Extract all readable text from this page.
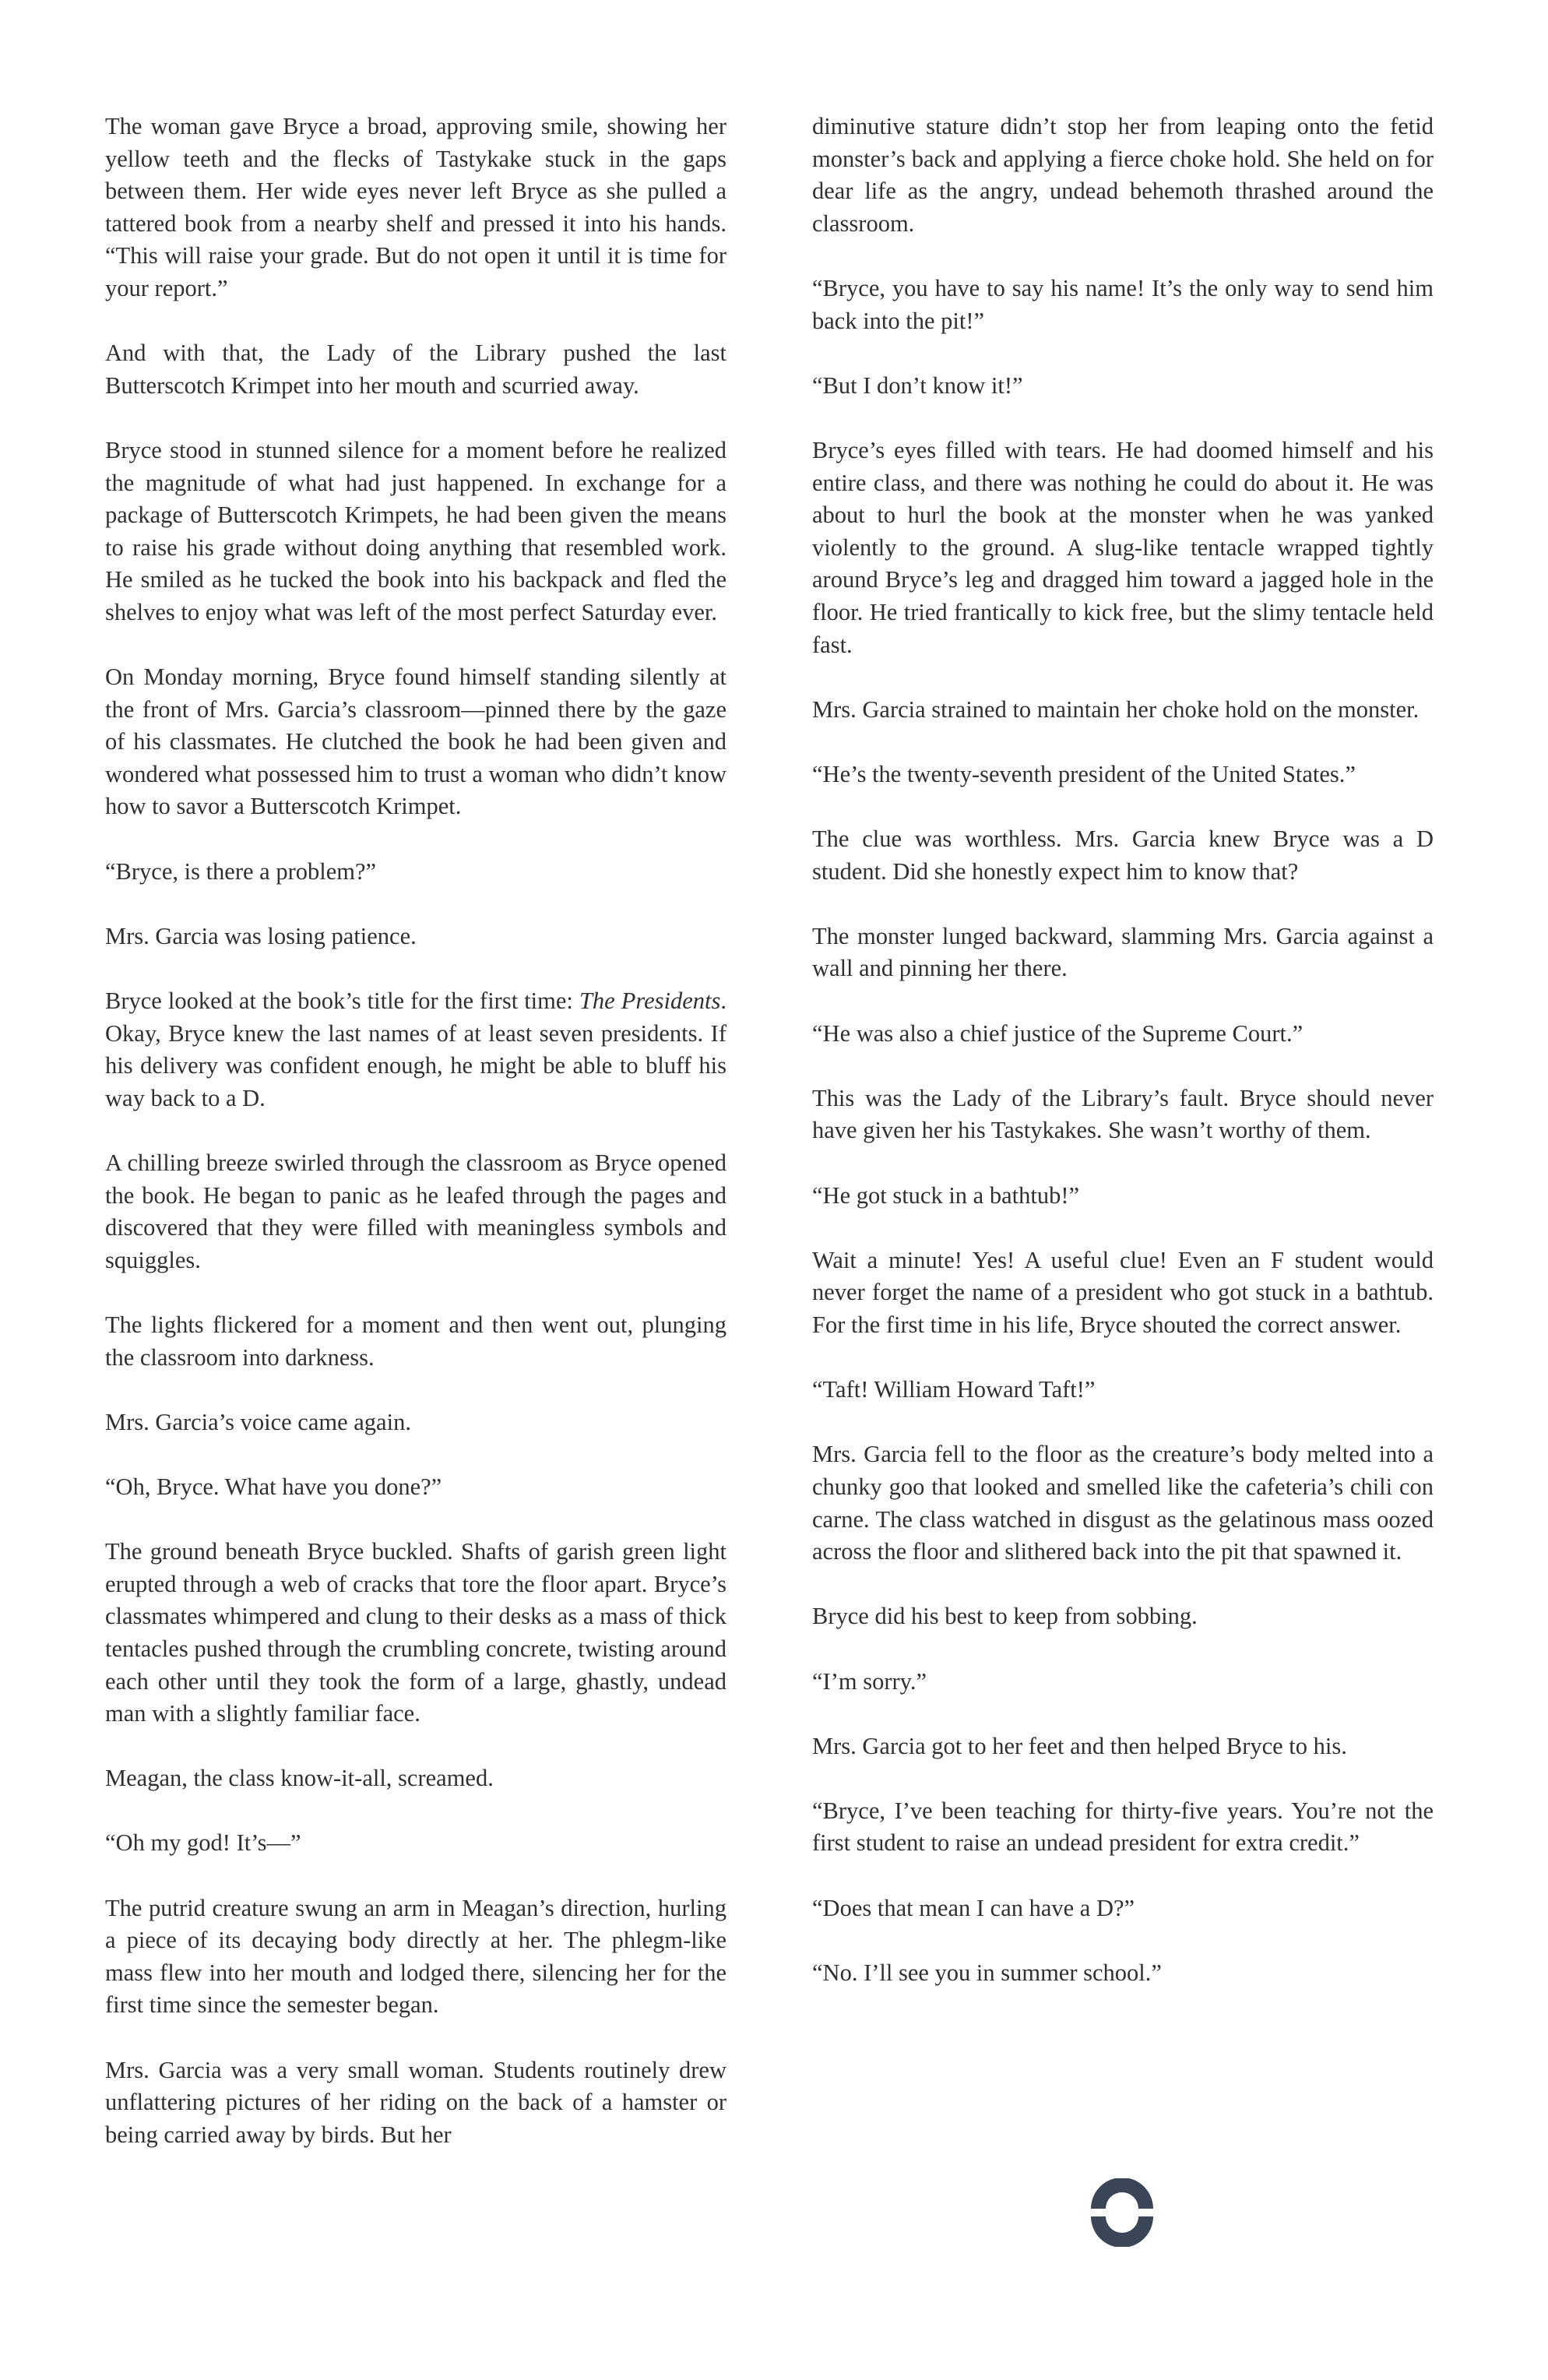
The woman gave Bryce a broad, approving smile, showing her yellow teeth and the flecks of Tastykake stuck in the gaps between them. Her wide eyes never left Bryce as she pulled a tattered book from a nearby shelf and pressed it into his hands. “This will raise your grade. But do not open it until it is time for your report.”

And with that, the Lady of the Library pushed the last Butterscotch Krimpet into her mouth and scurried away.

Bryce stood in stunned silence for a moment before he realized the magnitude of what had just happened. In exchange for a package of Butterscotch Krimpets, he had been given the means to raise his grade without doing anything that resembled work. He smiled as he tucked the book into his backpack and fled the shelves to enjoy what was left of the most perfect Saturday ever.

On Monday morning, Bryce found himself standing silently at the front of Mrs. Garcia’s classroom—pinned there by the gaze of his classmates. He clutched the book he had been given and wondered what possessed him to trust a woman who didn’t know how to savor a Butterscotch Krimpet.

“Bryce, is there a problem?”

Mrs. Garcia was losing patience.

Bryce looked at the book’s title for the first time: The Presidents. Okay, Bryce knew the last names of at least seven presidents. If his delivery was confident enough, he might be able to bluff his way back to a D.

A chilling breeze swirled through the classroom as Bryce opened the book. He began to panic as he leafed through the pages and discovered that they were filled with meaningless symbols and squiggles.

The lights flickered for a moment and then went out, plunging the classroom into darkness.

Mrs. Garcia’s voice came again.

“Oh, Bryce. What have you done?”

The ground beneath Bryce buckled. Shafts of garish green light erupted through a web of cracks that tore the floor apart. Bryce’s classmates whimpered and clung to their desks as a mass of thick tentacles pushed through the crumbling concrete, twisting around each other until they took the form of a large, ghastly, undead man with a slightly familiar face.

Meagan, the class know-it-all, screamed.

“Oh my god! It’s—”

The putrid creature swung an arm in Meagan’s direction, hurling a piece of its decaying body directly at her. The phlegm-like mass flew into her mouth and lodged there, silencing her for the first time since the semester began.

Mrs. Garcia was a very small woman. Students routinely drew unflattering pictures of her riding on the back of a hamster or being carried away by birds. But her

diminutive stature didn’t stop her from leaping onto the fetid monster’s back and applying a fierce choke hold. She held on for dear life as the angry, undead behemoth thrashed around the classroom.

“Bryce, you have to say his name! It’s the only way to send him back into the pit!”

“But I don’t know it!”

Bryce’s eyes filled with tears. He had doomed himself and his entire class, and there was nothing he could do about it. He was about to hurl the book at the monster when he was yanked violently to the ground. A slug-like tentacle wrapped tightly around Bryce’s leg and dragged him toward a jagged hole in the floor. He tried frantically to kick free, but the slimy tentacle held fast.

Mrs. Garcia strained to maintain her choke hold on the monster.

“He’s the twenty-seventh president of the United States.”

The clue was worthless. Mrs. Garcia knew Bryce was a D student. Did she honestly expect him to know that?

The monster lunged backward, slamming Mrs. Garcia against a wall and pinning her there.

“He was also a chief justice of the Supreme Court.”

This was the Lady of the Library’s fault. Bryce should never have given her his Tastykakes. She wasn’t worthy of them.

“He got stuck in a bathtub!”

Wait a minute! Yes! A useful clue! Even an F student would never forget the name of a president who got stuck in a bathtub. For the first time in his life, Bryce shouted the correct answer.

“Taft! William Howard Taft!”

Mrs. Garcia fell to the floor as the creature’s body melted into a chunky goo that looked and smelled like the cafeteria’s chili con carne. The class watched in disgust as the gelatinous mass oozed across the floor and slithered back into the pit that spawned it.

Bryce did his best to keep from sobbing.

“I’m sorry.”

Mrs. Garcia got to her feet and then helped Bryce to his.

“Bryce, I’ve been teaching for thirty-five years. You’re not the first student to raise an undead president for extra credit.”

“Does that mean I can have a D?”

“No. I’ll see you in summer school.”
